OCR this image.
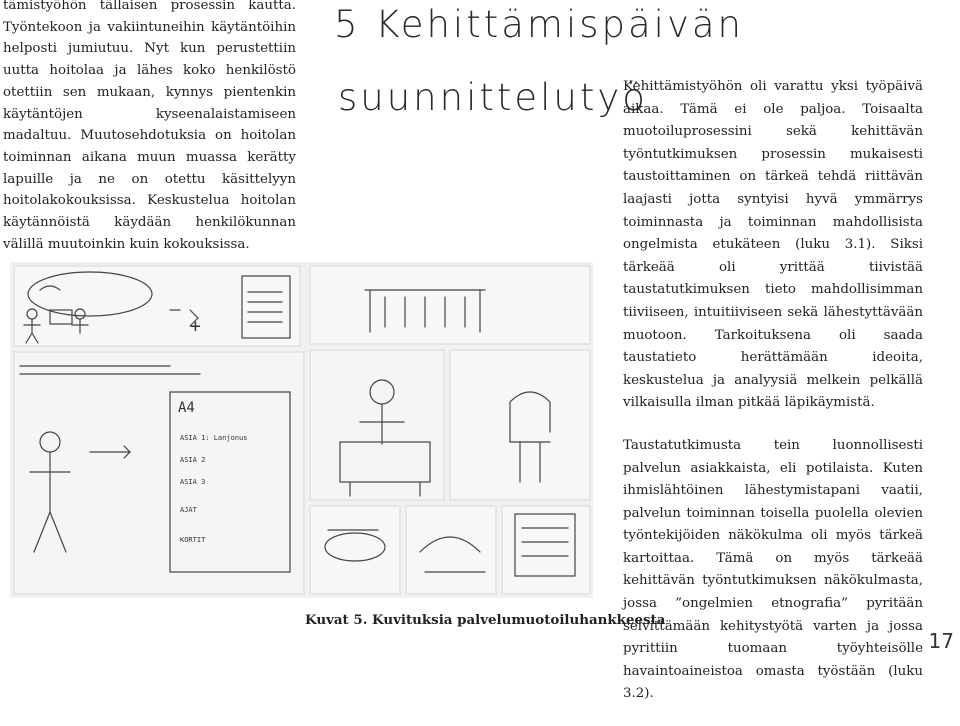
tämistyöhön tällaisen prosessin kautta. Työntekoon ja vakiintuneihin käytäntöihin helposti jumiutuu. Nyt kun perustettiin uutta hoitolaa ja lähes koko henkilöstö otettiin sen mukaan, kynnys pientenkin käytäntöjen kyseenalaistamiseen madaltuu. Muutosehdotuksia on hoitolan toiminnan aikana muun muassa kerätty lapuille ja ne on otettu käsittelyyn hoitolakokouksissa. Keskustelua hoitolan käytännöistä käydään henkilökunnan välillä muutoinkin kuin kokouksissa.

5 Kehittämispäivän
suunnittelutyö

Kehittämistyöhön oli varattu yksi työpäivä aikaa. Tämä ei ole paljoa. Toisaalta muotoiluprosessini sekä kehittävän työntutkimuksen prosessin mukaisesti taustoittaminen on tärkeä tehdä riittävän laajasti jotta syntyisi hyvä ymmärrys toiminnasta ja toiminnan mahdollisista ongelmista etukäteen (luku 3.1). Siksi tärkeää oli yrittää tiivistää taustatutkimuksen tieto mahdollisimman tiiviiseen, intuitiiviseen sekä lähestyttävään muotoon. Tarkoituksena oli saada taustatieto herättämään ideoita, keskustelua ja analyysiä melkein pelkällä vilkaisulla ilman pitkää läpikäymistä.

Taustatutkimusta tein luonnollisesti palvelun asiakkaista, eli potilaista. Kuten ihmislähtöinen lähestymistapani vaatii, palvelun toiminnan toisella puolella olevien työntekijöiden näkökulma oli myös tärkeä kartoittaa. Tämä on myös tärkeää kehittävän työntutkimuksen näkökulmasta, jossa ”ongelmien etnografia” pyritään selvittämään kehitystyötä varten ja jossa pyrittiin tuomaan työyhteisölle havaintoaineistoa omasta työstään (luku 3.2).

+
A4
ASIA 1: Lanjonus
ASIA 2
ASIA 3
AJAT
KORTIT
Kuvat 5. Kuvituksia palvelumuotoiluhankkeesta
17
